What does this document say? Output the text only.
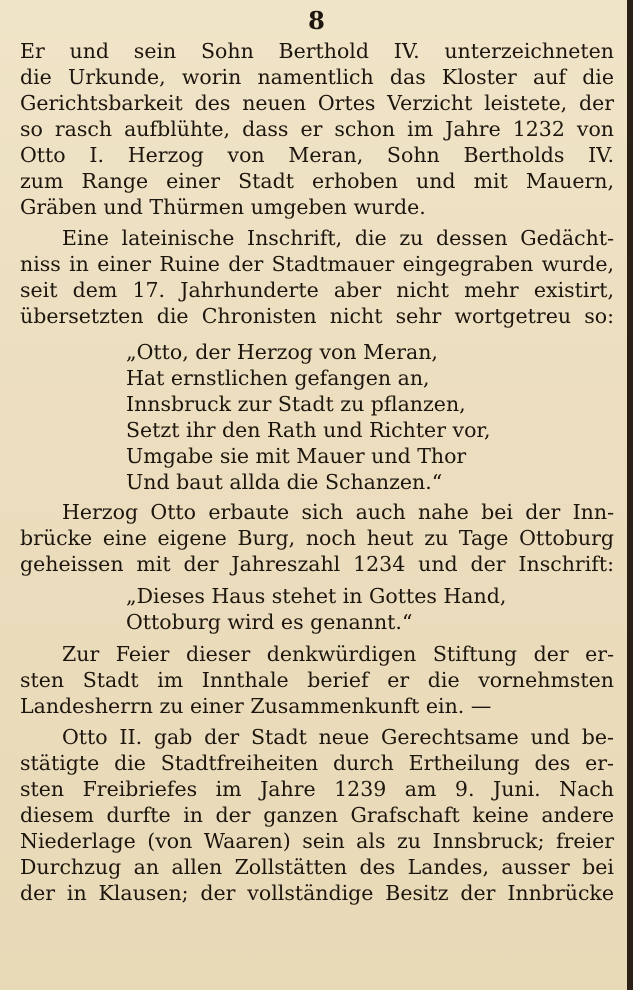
8
Er und sein Sohn Berthold IV. unterzeichneten
die Urkunde, worin namentlich das Kloster auf die
Gerichtsbarkeit des neuen Ortes Verzicht leistete, der
so rasch aufblühte, dass er schon im Jahre 1232 von
Otto I. Herzog von Meran, Sohn Bertholds IV.
zum Range einer Stadt erhoben und mit Mauern,
Gräben und Thürmen umgeben wurde.
Eine lateinische Inschrift, die zu dessen Gedächt-
niss in einer Ruine der Stadtmauer eingegraben wurde,
seit dem 17. Jahrhunderte aber nicht mehr existirt,
übersetzten die Chronisten nicht sehr wortgetreu so:
„Otto, der Herzog von Meran,
Hat ernstlichen gefangen an,
Innsbruck zur Stadt zu pflanzen,
Setzt ihr den Rath und Richter vor,
Umgabe sie mit Mauer und Thor
Und baut allda die Schanzen.“
Herzog Otto erbaute sich auch nahe bei der Inn-
brücke eine eigene Burg, noch heut zu Tage Ottoburg
geheissen mit der Jahreszahl 1234 und der Inschrift:
„Dieses Haus stehet in Gottes Hand,
Ottoburg wird es genannt.“
Zur Feier dieser denkwürdigen Stiftung der er-
sten Stadt im Innthale berief er die vornehmsten
Landesherrn zu einer Zusammenkunft ein. —
Otto II. gab der Stadt neue Gerechtsame und be-
stätigte die Stadtfreiheiten durch Ertheilung des er-
sten Freibriefes im Jahre 1239 am 9. Juni. Nach
diesem durfte in der ganzen Grafschaft keine andere
Niederlage (von Waaren) sein als zu Innsbruck; freier
Durchzug an allen Zollstätten des Landes, ausser bei
der in Klausen; der vollständige Besitz der Innbrücke
